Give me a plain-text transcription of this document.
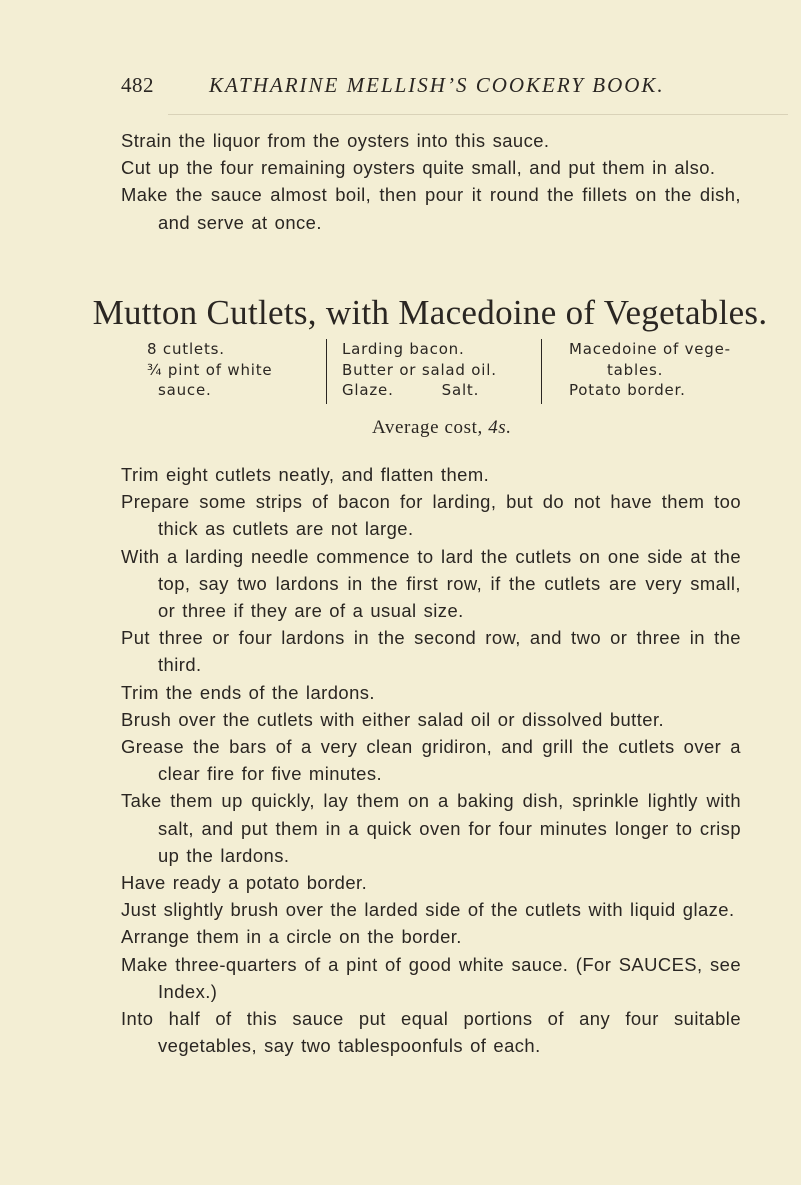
482	KATHARINE MELLISH’S COOKERY BOOK.

Strain the liquor from the oysters into this sauce.

Cut up the four remaining oysters quite small, and put them in also.

Make the sauce almost boil, then pour it round the fillets on the dish, and serve at once.

Mutton Cutlets, with Macedoine of Vegetables.
8 cutlets.
¾ pint of white

sauce.
Larding bacon.
Butter or salad oil.
Glaze.	Salt.
Macedoine of vege-

tables.
Potato border.
Average cost, 4s.

Trim eight cutlets neatly, and flatten them.

Prepare some strips of bacon for larding, but do not have them too thick as cutlets are not large.

With a larding needle commence to lard the cutlets on one side at the top, say two lardons in the first row, if the cutlets are very small, or three if they are of a usual size.

Put three or four lardons in the second row, and two or three in the third.

Trim the ends of the lardons.

Brush over the cutlets with either salad oil or dissolved butter.

Grease the bars of a very clean gridiron, and grill the cutlets over a clear fire for five minutes.

Take them up quickly, lay them on a baking dish, sprinkle lightly with salt, and put them in a quick oven for four minutes longer to crisp up the lardons.

Have ready a potato border.

Just slightly brush over the larded side of the cutlets with liquid glaze.

Arrange them in a circle on the border.

Make three-quarters of a pint of good white sauce. (For SAUCES, see Index.)

Into half of this sauce put equal portions of any four suitable vegetables, say two tablespoonfuls of each.
